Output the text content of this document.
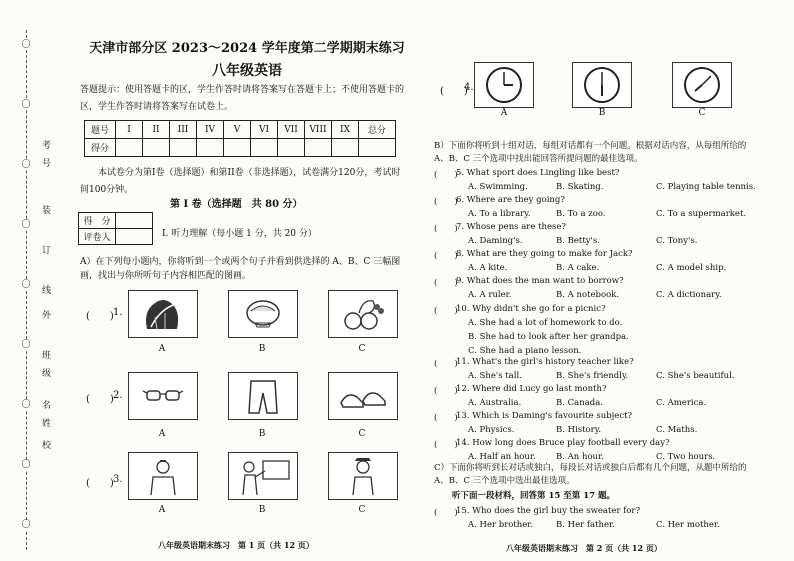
〇
〇
〇
〇
〇
〇
〇
〇
〇
考
号
装
订
线
外
班
级
名
姓
校
天津市部分区 2023～2024 学年度第二学期期末练习
八年级英语
答题提示：使用答题卡的区，学生作答时请将答案写在答题卡上；不使用答题卡的区，学生作答时请将答案写在试卷上。
题号	I	II	III	IV	V	VI	VII	VIII	IX	总分
得分										
本试卷分为第I卷（选择题）和第II卷（非选择题），试卷满分120分，考试时间100分钟。
第 I 卷（选择题　共 80 分）
得　分	
评卷人		I. 听力理解（每小题 1 分，共 20 分）
A）在下列每小题内，你将听到一个或两个句子并看到供选择的 A、B、C 三幅图画，找出与你所听句子内容相匹配的图画。
(　　) 1.
A	B	C
(　　) 2.
A	B	C
(　　) 3.
A	B	C
八年级英语期末练习　第 1 页（共 12 页）
(　　)
4.
A	B	C
B）下面你将听到十组对话，每组对话都有一个问题。根据对话内容，从每组所给的 A、B、C 三个选项中找出能回答所提问题的最佳选项。
(　　)
5. What sport does Lingling like best?
A. Swimming.	B. Skating.	C. Playing table tennis.
(　　)
6. Where are they going?
A. To a library.	B. To a zoo.	C. To a supermarket.
(　　)
7. Whose pens are these?
A. Daming's.	B. Betty's.	C. Tony's.
(　　)
8. What are they going to make for Jack?
A. A kite.	B. A cake.	C. A model ship.
(　　)
9. What does the man want to borrow?
A. A ruler.	B. A notebook.	C. A dictionary.
(　　)
10. Why didn't she go for a picnic?
A. She had a lot of homework to do.
B. She had to look after her grandpa.
C. She had a piano lesson.
(　　)
11. What's the girl's history teacher like?
A. She's tall.	B. She's friendly.	C. She's beautiful.
(　　)
12. Where did Lucy go last month?
A. Australia.	B. Canada.	C. America.
(　　)
13. Which is Daming's favourite subject?
A. Physics.	B. History.	C. Maths.
(　　)
14. How long does Bruce play football every day?
A. Half an hour. B. An hour.	C. Two hours.
C）下面你将听到长对话或独白，每段长对话或独白后都有几个问题，从题中所给的 A、B、C 三个选项中选出最佳选项。
听下面一段材料，回答第 15 至第 17 题。
(　　)
15. Who does the girl buy the sweater for?
A. Her brother.	B. Her father.	C. Her mother.
八年级英语期末练习　第 2 页（共 12 页）
